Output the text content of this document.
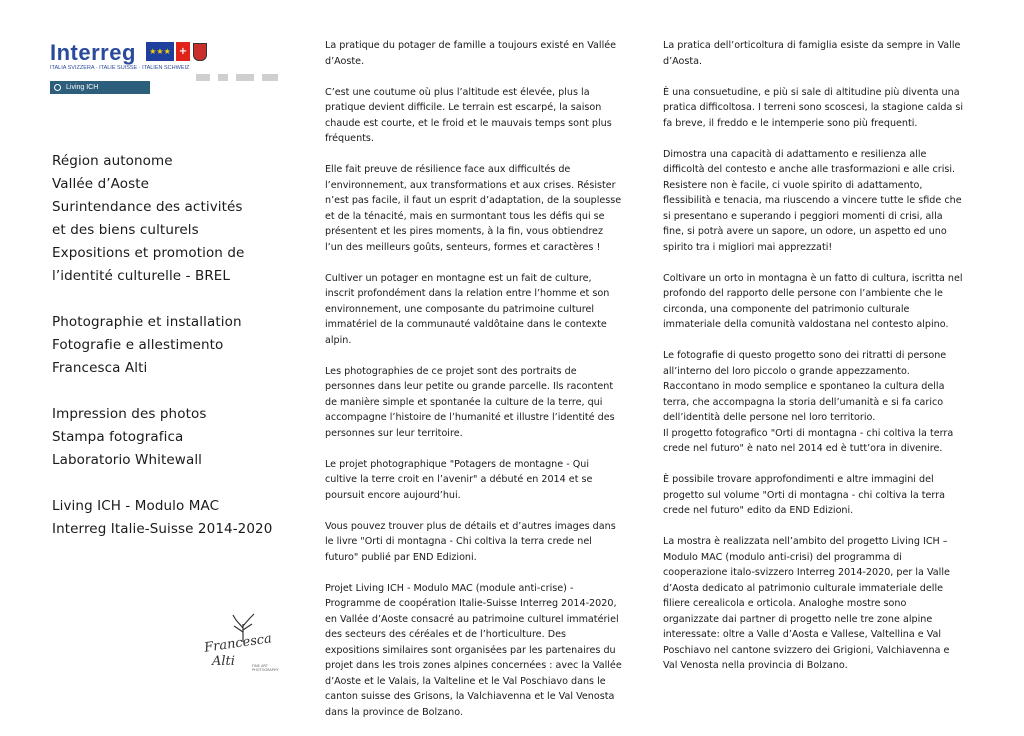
Interreg	★★★ +
ITALIA SVIZZERA · ITALIE SUISSE · ITALIEN SCHWEIZ

Living ICH
Région autonome
Vallée d’Aoste
Surintendance des activités
et des biens culturels
Expositions et promotion de
l’identité culturelle - BREL
Photographie et installation
Fotografie e allestimento
Francesca Alti
Impression des photos
Stampa fotografica
Laboratorio Whitewall
Living ICH - Modulo MAC
Interreg Italie-Suisse 2014-2020
Francesca
Alti	FINE ART PHOTOGRAPHY

La pratique du potager de famille a toujours existé en Vallée d’Aoste.

C’est une coutume où plus l’altitude est élevée, plus la pratique devient difficile. Le terrain est escarpé, la saison chaude est courte, et le froid et le mauvais temps sont plus fréquents.

Elle fait preuve de résilience face aux difficultés de l’environnement, aux transformations et aux crises. Résister n’est pas facile, il faut un esprit d’adaptation, de la souplesse et de la ténacité, mais en surmontant tous les défis qui se présentent et les pires moments, à la fin, vous obtiendrez l’un des meilleurs goûts, senteurs, formes et caractères !

Cultiver un potager en montagne est un fait de culture, inscrit profondément dans la relation entre l’homme et son environnement, une composante du patrimoine culturel immatériel de la communauté valdôtaine dans le contexte alpin.

Les photographies de ce projet sont des portraits de personnes dans leur petite ou grande parcelle. Ils racontent de manière simple et spontanée la culture de la terre, qui accompagne l’histoire de l’humanité et illustre l’identité des personnes sur leur territoire.

Le projet photographique "Potagers de montagne - Qui cultive la terre croit en l’avenir" a débuté en 2014 et se poursuit encore aujourd’hui.

Vous pouvez trouver plus de détails et d’autres images dans le livre "Orti di montagna - Chi coltiva la terra crede nel futuro" publié par END Edizioni.

Projet Living ICH - Modulo MAC (module anti-crise) - Programme de coopération Italie-Suisse Interreg 2014-2020, en Vallée d’Aoste consacré au patrimoine culturel immatériel des secteurs des céréales et de l’horticulture. Des expositions similaires sont organisées par les partenaires du projet dans les trois zones alpines concernées : avec la Vallée d’Aoste et le Valais, la Valteline et le Val Poschiavo dans le canton suisse des Grisons, la Valchiavenna et le Val Venosta dans la province de Bolzano.

La pratica dell’orticoltura di famiglia esiste da sempre in Valle d’Aosta.

È una consuetudine, e più si sale di altitudine più diventa una pratica difficoltosa. I terreni sono scoscesi, la stagione calda si fa breve, il freddo e le intemperie sono più frequenti.

Dimostra una capacità di adattamento e resilienza alle difficoltà del contesto e anche alle trasformazioni e alle crisi. Resistere non è facile, ci vuole spirito di adattamento, flessibilità e tenacia, ma riuscendo a vincere tutte le sfide che si presentano e superando i peggiori momenti di crisi, alla fine, si potrà avere un sapore, un odore, un aspetto ed uno spirito tra i migliori mai apprezzati!

Coltivare un orto in montagna è un fatto di cultura, iscritta nel profondo del rapporto delle persone con l’ambiente che le circonda, una componente del patrimonio culturale immateriale della comunità valdostana nel contesto alpino.

Le fotografie di questo progetto sono dei ritratti di persone all’interno del loro piccolo o grande appezzamento. Raccontano in modo semplice e spontaneo la cultura della terra, che accompagna la storia dell’umanità e si fa carico dell’identità delle persone nel loro territorio.
Il progetto fotografico "Orti di montagna - chi coltiva la terra crede nel futuro" è nato nel 2014 ed è tutt’ora in divenire.

È possibile trovare approfondimenti e altre immagini del progetto sul volume "Orti di montagna - chi coltiva la terra crede nel futuro" edito da END Edizioni.

La mostra è realizzata nell’ambito del progetto Living ICH – Modulo MAC (modulo anti-crisi) del programma di cooperazione italo-svizzero Interreg 2014-2020, per la Valle d’Aosta dedicato al patrimonio culturale immateriale delle filiere cerealicola e orticola. Analoghe mostre sono organizzate dai partner di progetto nelle tre zone alpine interessate: oltre a Valle d’Aosta e Vallese, Valtellina e Val Poschiavo nel cantone svizzero dei Grigioni, Valchiavenna e Val Venosta nella provincia di Bolzano.
